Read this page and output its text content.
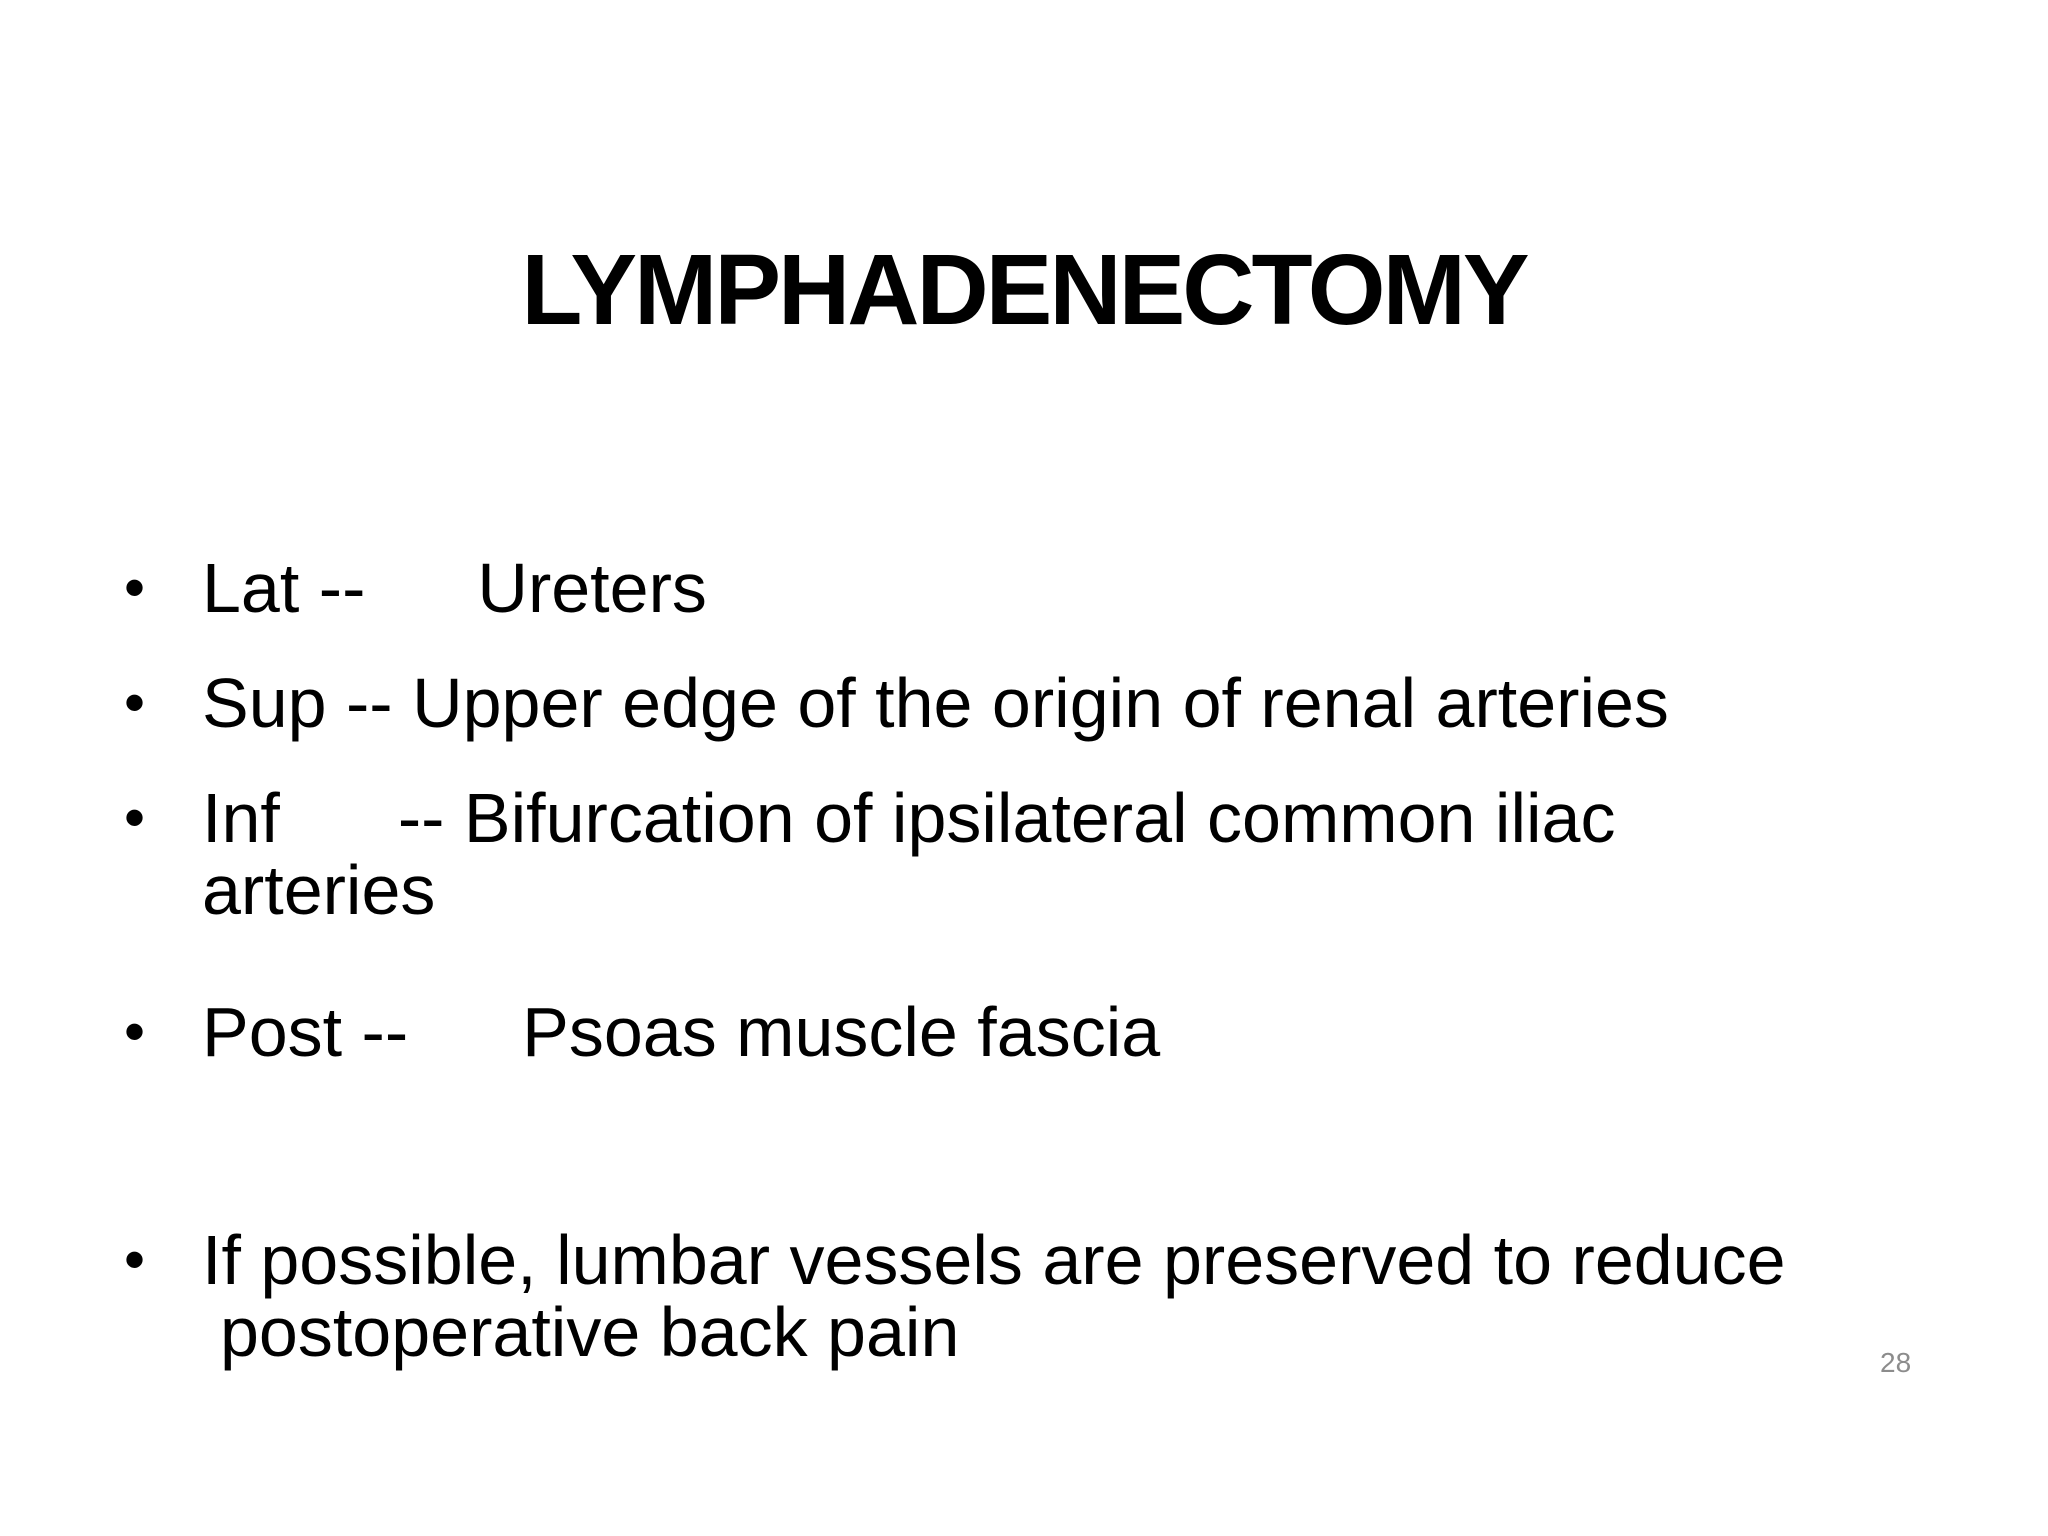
LYMPHADENECTOMY
• Lat -- Ureters
• Sup -- Upper edge of the origin of renal arteries
• Inf -- Bifurcation of ipsilateral common iliac
arteries
• Post -- Psoas muscle fascia
• If possible, lumbar vessels are preserved to reduce
postoperative back pain	28
